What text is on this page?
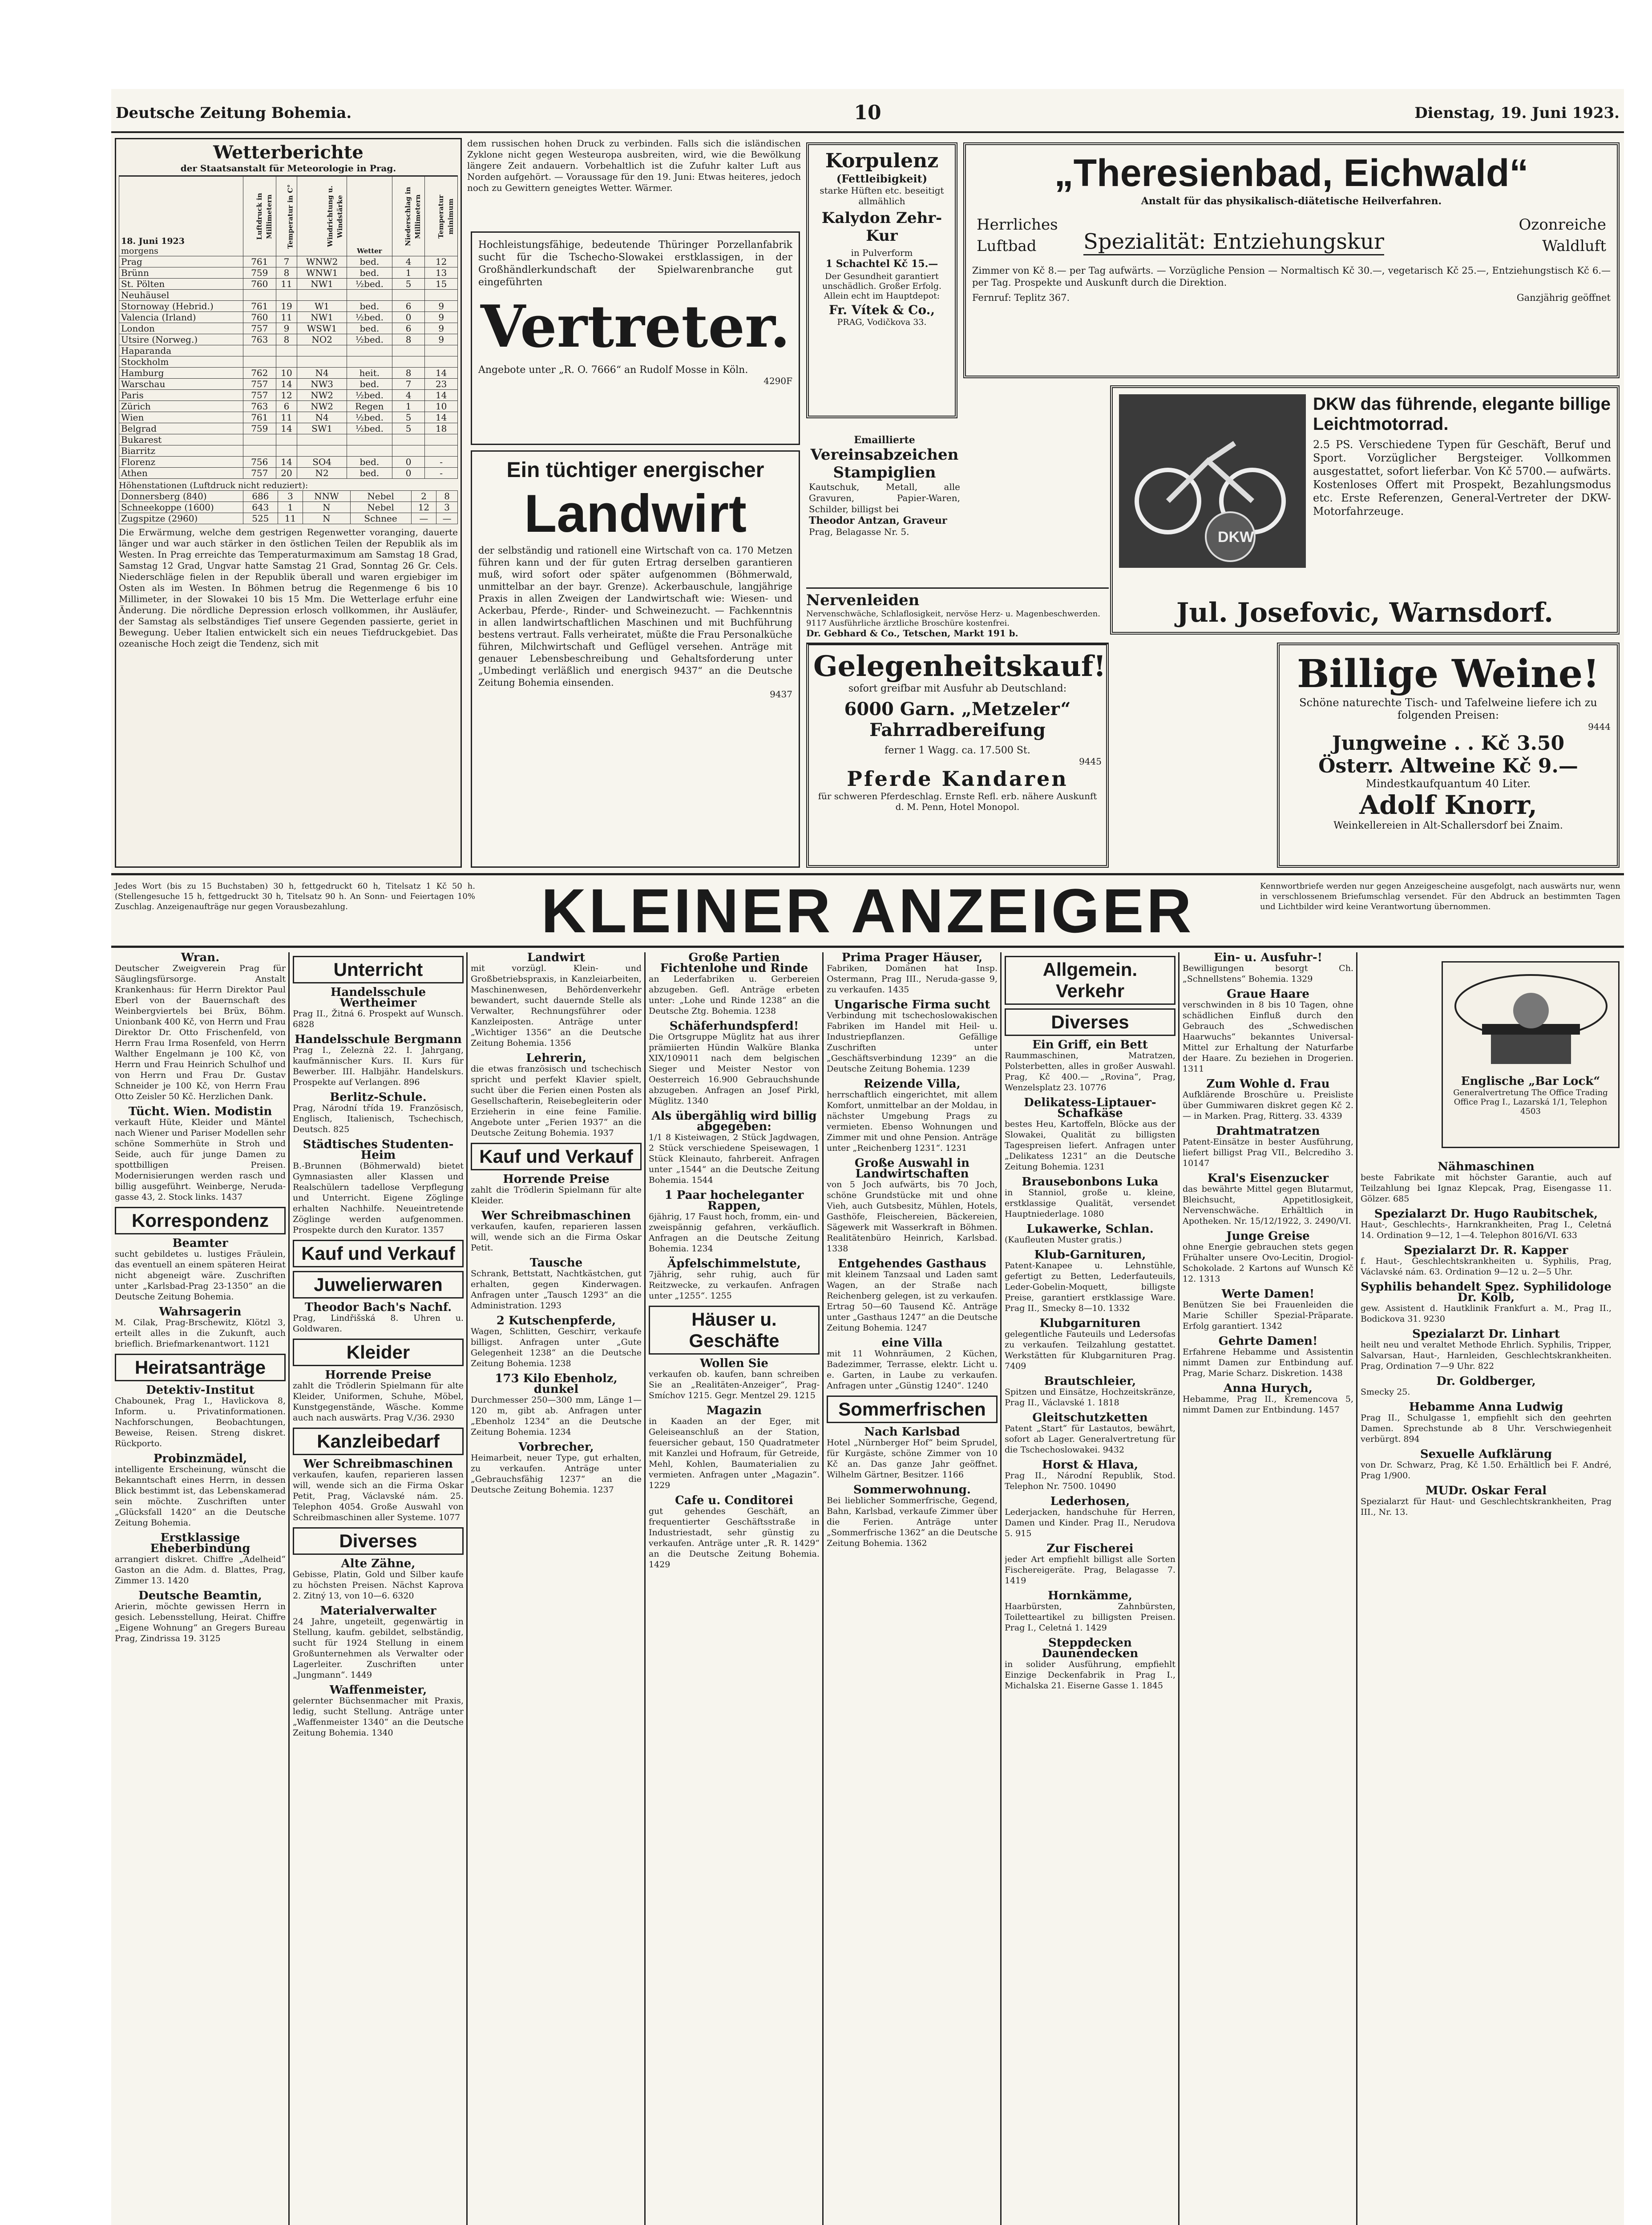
Deutsche Zeitung Bohemia.	10	Dienstag, 19. Juni 1923.
Wetterberichte
der Staatsanstalt für Meteorologie in Prag.
18. Juni 1923
morgens	Luftdruck in Millimetern	Temperatur in C°	Windrichtung u. Windstärke	Wetter	Niederschlag in Millimetern	Temperatur minimum
Prag	761	7	WNW2	bed.	4	12
Brünn	759	8	WNW1	bed.	1	13
St. Pölten	760	11	NW1	½bed.	5	15
Neuhäusel						
Stornoway (Hebrid.)	761	19	W1	bed.	6	9
Valencia (Irland)	760	11	NW1	½bed.	0	9
London	757	9	WSW1	bed.	6	9
Utsire (Norweg.)	763	8	NO2	½bed.	8	9
Haparanda						
Stockholm						
Hamburg	762	10	N4	heit.	8	14
Warschau	757	14	NW3	bed.	7	23
Paris	757	12	NW2	½bed.	4	14
Zürich	763	6	NW2	Regen	1	10
Wien	761	11	N4	½bed.	5	14
Belgrad	759	14	SW1	½bed.	5	18
Bukarest						
Biarritz						
Florenz	756	14	SO4	bed.	0	-
Athen	757	20	N2	bed.	0	-
Höhenstationen (Luftdruck nicht reduziert):
Donnersberg (840)	686	3	NNW	Nebel	2	8
Schneekoppe (1600)	643	1	N	Nebel	12	3
Zugspitze (2960)	525	11	N	Schnee	—	—
Die Erwärmung, welche dem gestrigen Regenwetter voranging, dauerte länger und war auch stärker in den östlichen Teilen der Republik als im Westen. In Prag erreichte das Temperaturmaximum am Samstag 18 Grad, Samstag 12 Grad, Ungvar hatte Samstag 21 Grad, Sonntag 26 Gr. Cels. Niederschläge fielen in der Republik überall und waren ergiebiger im Osten als im Westen. In Böhmen betrug die Regenmenge 6 bis 10 Millimeter, in der Slowakei 10 bis 15 Mm. Die Wetterlage erfuhr eine Änderung. Die nördliche Depression erlosch vollkommen, ihr Ausläufer, der Samstag als selbständiges Tief unsere Gegenden passierte, geriet in Bewegung. Ueber Italien entwickelt sich ein neues Tiefdruckgebiet. Das ozeanische Hoch zeigt die Tendenz, sich mit
dem russischen hohen Druck zu verbinden. Falls sich die isländischen Zyklone nicht gegen Westeuropa ausbreiten, wird, wie die Bewölkung längere Zeit andauern. Vorbehaltlich ist die Zufuhr kalter Luft aus Norden aufgehört. — Voraussage für den 19. Juni: Etwas heiteres, jedoch noch zu Gewittern geneigtes Wetter. Wärmer.
Hochleistungsfähige, bedeutende Thüringer Porzellanfabrik sucht für die Tschecho-Slowakei erstklassigen, in der Großhändlerkundschaft der Spielwarenbranche gut eingeführten
Vertreter.
Angebote unter „R. O. 7666“ an Rudolf Mosse in Köln.
4290F
Ein tüchtiger energischer
Landwirt
der selbständig und rationell eine Wirtschaft von ca. 170 Metzen führen kann und der für guten Ertrag derselben garantieren muß, wird sofort oder später aufgenommen (Böhmerwald, unmittelbar an der bayr. Grenze). Ackerbauschule, langjährige Praxis in allen Zweigen der Landwirtschaft wie: Wiesen- und Ackerbau, Pferde-, Rinder- und Schweinezucht. — Fachkenntnis in allen landwirtschaftlichen Maschinen und mit Buchführung bestens vertraut. Falls verheiratet, müßte die Frau Personalküche führen, Milchwirtschaft und Geflügel versehen. Anträge mit genauer Lebensbeschreibung und Gehaltsforderung unter „Umbedingt verläßlich und energisch 9437“ an die Deutsche Zeitung Bohemia einsenden.
9437
Korpulenz
(Fettleibigkeit)
starke Hüften etc. beseitigt allmählich
Kalydon Zehr-Kur
in Pulverform
1 Schachtel Kč 15.—
Der Gesundheit garantiert unschädlich. Großer Erfolg. Allein echt im Hauptdepot:
Fr. Vítek & Co.,
PRAG, Vodičkova 33.
Emaillierte
Vereinsabzeichen
Stampiglien
Kautschuk, Metall, alle Gravuren, Papier-Waren, Schilder, billigst bei
Theodor Antzan, Graveur
Prag, Belagasse Nr. 5.
„Theresienbad, Eichwald“
Anstalt für das physikalisch-diätetische Heilverfahren.
Herrliches
Luftbad Spezialität: Entziehungskur
Ozonreiche
Waldluft
Zimmer von Kč 8.— per Tag aufwärts. — Vorzügliche Pension — Normaltisch Kč 30.—, vegetarisch Kč 25.—, Entziehungstisch Kč 6.— per Tag. Prospekte und Auskunft durch die Direktion.
Fernruf: Teplitz 367.	Ganzjährig geöffnet
DKW
DKW das führende, elegante billige Leichtmotorrad.
2.5 PS. Verschiedene Typen für Geschäft, Beruf und Sport. Vorzüglicher Bergsteiger. Vollkommen ausgestattet, sofort lieferbar. Von Kč 5700.— aufwärts. Kostenloses Offert mit Prospekt, Bezahlungsmodus etc. Erste Referenzen, General-Vertreter der DKW-Motorfahrzeuge.
Jul. Josefovic, Warnsdorf.
Nervenleiden
Nervenschwäche, Schlaflosigkeit, nervöse Herz- u. Magenbeschwerden. 9117 Ausführliche ärztliche Broschüre kostenfrei.
Dr. Gebhard & Co., Tetschen, Markt 191 b.
Gelegenheitskauf!
sofort greifbar mit Ausfuhr ab Deutschland:
6000 Garn. „Metzeler“ Fahrradbereifung
ferner 1 Wagg. ca. 17.500 St.
9445
Pferde Kandaren
für schweren Pferdeschlag. Ernste Refl. erb. nähere Auskunft d. M. Penn, Hotel Monopol.
Billige Weine!
Schöne naturechte Tisch- und Tafelweine liefere ich zu folgenden Preisen:
9444
Jungweine . . Kč 3.50
Österr. Altweine Kč 9.—
Mindestkaufquantum 40 Liter.
Adolf Knorr,
Weinkellereien in Alt-Schallersdorf bei Znaim.
Jedes Wort (bis zu 15 Buchstaben) 30 h, fettgedruckt 60 h, Titelsatz 1 Kč 50 h. (Stellengesuche 15 h, fettgedruckt 30 h, Titelsatz 90 h. An Sonn- und Feiertagen 10% Zuschlag. Anzeigenaufträge nur gegen Vorausbezahlung.	KLEINER ANZEIGER	Kennwortbriefe werden nur gegen Anzeigescheine ausgefolgt, nach auswärts nur, wenn in verschlossenem Briefumschlag versendet. Für den Abdruck an bestimmten Tagen und Lichtbilder wird keine Verantwortung übernommen.
Wran.
Deutscher Zweigverein Prag für Säuglingsfürsorge. Anstalt Krankenhaus: für Herrn Direktor Paul Eberl von der Bauernschaft des Weinbergviertels bei Brüx, Böhm. Unionbank 400 Kč, von Herrn und Frau Direktor Dr. Otto Frischenfeld, von Herrn Frau Irma Rosenfeld, von Herrn Walther Engelmann je 100 Kč, von Herrn und Frau Heinrich Schulhof und von Herrn und Frau Dr. Gustav Schneider je 100 Kč, von Herrn Frau Otto Zeisler 50 Kč. Herzlichen Dank.
Tücht. Wien. Modistin
verkauft Hüte, Kleider und Mäntel nach Wiener und Pariser Modellen sehr schöne Sommerhüte in Stroh und Seide, auch für junge Damen zu spottbilligen Preisen. Modernisierungen werden rasch und billig ausgeführt. Weinberge, Neruda-gasse 43, 2. Stock links. 1437
Korrespondenz
Beamter
sucht gebildetes u. lustiges Fräulein, das eventuell an einem späteren Heirat nicht abgeneigt wäre. Zuschriften unter „Karlsbad-Prag 23-1350“ an die Deutsche Zeitung Bohemia.
Wahrsagerin
M. Cilak, Prag-Brschewitz, Klötzl 3, erteilt alles in die Zukunft, auch brieflich. Briefmarkenantwort. 1121
Heiratsanträge
Detektiv-Institut
Chabounek, Prag I., Havlickova 8, Inform. u. Privatinformationen. Nachforschungen, Beobachtungen, Beweise, Reisen. Streng diskret. Rückporto.
Probinzmädel,
intelligente Erscheinung, wünscht die Bekanntschaft eines Herrn, in dessen Blick bestimmt ist, das Lebenskamerad sein möchte. Zuschriften unter „Glücksfall 1420“ an die Deutsche Zeitung Bohemia.
Erstklassige Eheberbindung
arrangiert diskret. Chiffre „Adelheid“ Gaston an die Adm. d. Blattes, Prag, Zimmer 13. 1420
Deutsche Beamtin,
Arierin, möchte gewissen Herrn in gesich. Lebensstellung, Heirat. Chiffre „Eigene Wohnung“ an Gregers Bureau Prag, Zindrissa 19. 3125
Unterricht
Handelsschule Wertheimer
Prag II., Žitná 6. Prospekt auf Wunsch. 6828
Handelsschule Bergmann
Prag I., Zeleznà 22. I. Jahrgang, kaufmännischer Kurs. II. Kurs für Bewerber. III. Halbjähr. Handelskurs. Prospekte auf Verlangen. 896
Berlitz-Schule.
Prag, Národní třída 19. Französisch, Englisch, Italienisch, Tschechisch, Deutsch. 825
Städtisches Studenten-Heim
B.-Brunnen (Böhmerwald) bietet Gymnasiasten aller Klassen und Realschülern tadellose Verpflegung und Unterricht. Eigene Zöglinge erhalten Nachhilfe. Neueintretende Zöglinge werden aufgenommen. Prospekte durch den Kurator. 1357
Kauf und Verkauf
Juwelierwaren
Theodor Bach's Nachf.
Prag, Lindřišská 8. Uhren u. Goldwaren.
Kleider
Horrende Preise
zahlt die Trödlerin Spielmann für alte Kleider, Uniformen, Schuhe, Möbel, Kunstgegenstände, Wäsche. Komme auch nach auswärts. Prag V./36. 2930
Kanzleibedarf
Wer Schreibmaschinen
verkaufen, kaufen, reparieren lassen will, wende sich an die Firma Oskar Petit, Prag, Václavské nám. 25. Telephon 4054. Große Auswahl von Schreibmaschinen aller Systeme. 1077
Diverses
Alte Zähne,
Gebisse, Platin, Gold und Silber kaufe zu höchsten Preisen. Nächst Kaprova 2. Zitný 13, von 10—6. 6320
Materialverwalter
24 Jahre, ungeteilt, gegenwärtig in Stellung, kaufm. gebildet, selbständig, sucht für 1924 Stellung in einem Großunternehmen als Verwalter oder Lagerleiter. Zuschriften unter „Jungmann“. 1449
Waffenmeister,
gelernter Büchsenmacher mit Praxis, ledig, sucht Stellung. Anträge unter „Waffenmeister 1340“ an die Deutsche Zeitung Bohemia. 1340
Landwirt
mit vorzügl. Klein- und Großbetriebspraxis, in Kanzleiarbeiten, Maschinenwesen, Behördenverkehr bewandert, sucht dauernde Stelle als Verwalter, Rechnungsführer oder Kanzleiposten. Anträge unter „Wichtiger 1356“ an die Deutsche Zeitung Bohemia. 1356
Lehrerin,
die etwas französisch und tschechisch spricht und perfekt Klavier spielt, sucht über die Ferien einen Posten als Gesellschafterin, Reisebegleiterin oder Erzieherin in eine feine Familie. Angebote unter „Ferien 1937“ an die Deutsche Zeitung Bohemia. 1937
Kauf und Verkauf
Horrende Preise
zahlt die Trödlerin Spielmann für alte Kleider.
Wer Schreibmaschinen
verkaufen, kaufen, reparieren lassen will, wende sich an die Firma Oskar Petit.
Tausche
Schrank, Bettstatt, Nachtkästchen, gut erhalten, gegen Kinderwagen. Anfragen unter „Tausch 1293“ an die Administration. 1293
2 Kutschenpferde,
Wagen, Schlitten, Geschirr, verkaufe billigst. Anfragen unter „Gute Gelegenheit 1238“ an die Deutsche Zeitung Bohemia. 1238
173 Kilo Ebenholz, dunkel
Durchmesser 250—300 mm, Länge 1—120 m, gibt ab. Anfragen unter „Ebenholz 1234“ an die Deutsche Zeitung Bohemia. 1234
Vorbrecher,
Heimarbeit, neuer Type, gut erhalten, zu verkaufen. Anträge unter „Gebrauchsfähig 1237“ an die Deutsche Zeitung Bohemia. 1237
Große Partien Fichtenlohe und Rinde
an Lederfabriken u. Gerbereien abzugeben. Gefl. Anträge erbeten unter: „Lohe und Rinde 1238“ an die Deutsche Ztg. Bohemia. 1238
Schäferhundspferd!
Die Ortsgruppe Müglitz hat aus ihrer prämiierten Hündin Walküre Blanka XIX/109011 nach dem belgischen Sieger und Meister Nestor von Oesterreich 16.900 Gebrauchshunde abzugeben. Anfragen an Josef Pirkl, Müglitz. 1340
Als übergählig wird billig abgegeben:
1/1 8 Kisteiwagen, 2 Stück Jagdwagen, 2 Stück verschiedene Speisewagen, 1 Stück Kleinauto, fahrbereit. Anfragen unter „1544“ an die Deutsche Zeitung Bohemia. 1544
1 Paar hocheleganter Rappen,
6jährig, 17 Faust hoch, fromm, ein- und zweispännig gefahren, verkäuflich. Anfragen an die Deutsche Zeitung Bohemia. 1234
Äpfelschimmelstute,
7jährig, sehr ruhig, auch für Reitzwecke, zu verkaufen. Anfragen unter „1255“. 1255
Häuser u. Geschäfte
Wollen Sie
verkaufen ob. kaufen, bann schreiben Sie an „Realitäten-Anzeiger“, Prag-Smíchov 1215. Gegr. Mentzel 29. 1215
Magazin
in Kaaden an der Eger, mit Geleiseanschluß an der Station, feuersicher gebaut, 150 Quadratmeter mit Kanzlei und Hofraum, für Getreide, Mehl, Kohlen, Baumaterialien zu vermieten. Anfragen unter „Magazin“. 1229
Cafe u. Conditorei
gut gehendes Geschäft, an frequentierter Geschäftsstraße in Industriestadt, sehr günstig zu verkaufen. Anträge unter „R. R. 1429“ an die Deutsche Zeitung Bohemia. 1429
Prima Prager Häuser,
Fabriken, Domänen hat Insp. Ostermann, Prag III., Neruda-gasse 9, zu verkaufen. 1435
Ungarische Firma sucht
Verbindung mit tschechoslowakischen Fabriken im Handel mit Heil- u. Industriepflanzen. Gefällige Zuschriften unter „Geschäftsverbindung 1239“ an die Deutsche Zeitung Bohemia. 1239
Reizende Villa,
herrschaftlich eingerichtet, mit allem Komfort, unmittelbar an der Moldau, in nächster Umgebung Prags zu vermieten. Ebenso Wohnungen und Zimmer mit und ohne Pension. Anträge unter „Reichenberg 1231“. 1231
Große Auswahl in Landwirtschaften
von 5 Joch aufwärts, bis 70 Joch, schöne Grundstücke mit und ohne Vieh, auch Gutsbesitz, Mühlen, Hotels, Gasthöfe, Fleischereien, Bäckereien, Sägewerk mit Wasserkraft in Böhmen. Realitätenbüro Heinrich, Karlsbad. 1338
Entgehendes Gasthaus
mit kleinem Tanzsaal und Laden samt Wagen, an der Straße nach Reichenberg gelegen, ist zu verkaufen. Ertrag 50—60 Tausend Kč. Anträge unter „Gasthaus 1247“ an die Deutsche Zeitung Bohemia. 1247
eine Villa
mit 11 Wohnräumen, 2 Küchen, Badezimmer, Terrasse, elektr. Licht u. e. Garten, in Laube zu verkaufen. Anfragen unter „Günstig 1240“. 1240
Sommerfrischen
Nach Karlsbad
Hotel „Nürnberger Hof“ beim Sprudel, für Kurgäste, schöne Zimmer von 10 Kč an. Das ganze Jahr geöffnet. Wilhelm Gärtner, Besitzer. 1166
Sommerwohnung.
Bei lieblicher Sommerfrische, Gegend, Bahn, Karlsbad, verkaufe Zimmer über die Ferien. Anträge unter „Sommerfrische 1362“ an die Deutsche Zeitung Bohemia. 1362
Allgemein. Verkehr
Diverses
Ein Griff, ein Bett
Raummaschinen, Matratzen, Polsterbetten, alles in großer Auswahl. Prag, Kč 400.— „Rovina“, Prag, Wenzelsplatz 23. 10776
Delikatess-Liptauer-Schafkäse
bestes Heu, Kartoffeln, Blöcke aus der Slowakei, Qualität zu billigsten Tagespreisen liefert. Anfragen unter „Delikatess 1231“ an die Deutsche Zeitung Bohemia. 1231
Brausebonbons Luka
in Stanniol, große u. kleine, erstklassige Qualität, versendet Hauptniederlage. 1080
Lukawerke, Schlan.
(Kaufleuten Muster gratis.)
Klub-Garnituren,
Patent-Kanapee u. Lehnstühle, gefertigt zu Betten, Lederfauteuils, Leder-Gobelin-Moquett, billigste Preise, garantiert erstklassige Ware. Prag II., Smecky 8—10. 1332
Klubgarnituren
gelegentliche Fauteuils und Ledersofas zu verkaufen. Teilzahlung gestattet. Werkstätten für Klubgarnituren Prag. 7409
Brautschleier,
Spitzen und Einsätze, Hochzeitskränze, Prag II., Václavské 1. 1818
Gleitschutzketten
Patent „Start“ für Lastautos, bewährt, sofort ab Lager. Generalvertretung für die Tschechoslowakei. 9432
Horst & Hlava,
Prag II., Národní Republik, Stod. Telephon Nr. 7500. 10490
Lederhosen,
Lederjacken, handschuhe für Herren, Damen und Kinder. Prag II., Nerudova 5. 915
Zur Fischerei
jeder Art empfiehlt billigst alle Sorten Fischereigeräte. Prag, Belagasse 7. 1419
Hornkämme,
Haarbürsten, Zahnbürsten, Toiletteartikel zu billigsten Preisen. Prag I., Celetná 1. 1429
Steppdecken Daunendecken
in solider Ausführung, empfiehlt Einzige Deckenfabrik in Prag I., Michalska 21. Eiserne Gasse 1. 1845
Ein- u. Ausfuhr-!
Bewilligungen besorgt Ch. „Schnellstens“ Bohemia. 1329
Graue Haare
verschwinden in 8 bis 10 Tagen, ohne schädlichen Einfluß durch den Gebrauch des „Schwedischen Haarwuchs“ bekanntes Universal-Mittel zur Erhaltung der Naturfarbe der Haare. Zu beziehen in Drogerien. 1311
Zum Wohle d. Frau
Aufklärende Broschüre u. Preisliste über Gummiwaren diskret gegen Kč 2.— in Marken. Prag, Ritterg. 33. 4339
Drahtmatratzen
Patent-Einsätze in bester Ausführung, liefert billigst Prag VII., Belcrediho 3. 10147
Kral's Eisenzucker
das bewährte Mittel gegen Blutarmut, Bleichsucht, Appetitlosigkeit, Nervenschwäche. Erhältlich in Apotheken. Nr. 15/12/1922, 3. 2490/VI.
Junge Greise
ohne Energie gebrauchen stets gegen Frühalter unsere Ovo-Lecitin, Drogiol-Schokolade. 2 Kartons auf Wunsch Kč 12. 1313
Werte Damen!
Benützen Sie bei Frauenleiden die Marie Schiller Spezial-Präparate. Erfolg garantiert. 1342
Gehrte Damen!
Erfahrene Hebamme und Assistentin nimmt Damen zur Entbindung auf. Prag, Marie Scharz. Diskretion. 1438
Anna Hurych,
Hebamme, Prag II., Kremencova 5, nimmt Damen zur Entbindung. 1457
Nähmaschinen
beste Fabrikate mit höchster Garantie, auch auf Teilzahlung bei Ignaz Klepcak, Prag, Eisengasse 11. Gölzer. 685
Spezialarzt Dr. Hugo Raubitschek,
Haut-, Geschlechts-, Harnkrankheiten, Prag I., Celetná 14. Ordination 9—12, 1—4. Telephon 8016/VI. 633
Spezialarzt Dr. R. Kapper
f. Haut-, Geschlechtskrankheiten u. Syphilis, Prag, Václavské nám. 63. Ordination 9—12 u. 2—5 Uhr.
Syphilis behandelt Spez. Syphilidologe Dr. Kolb,
gew. Assistent d. Hautklinik Frankfurt a. M., Prag II., Bodickova 31. 9230
Spezialarzt Dr. Linhart
heilt neu und veraltet Methode Ehrlich. Syphilis, Tripper, Salvarsan, Haut-, Harnleiden, Geschlechtskrankheiten. Prag, Ordination 7—9 Uhr. 822
Dr. Goldberger,
Smecky 25.
Hebamme Anna Ludwig
Prag II., Schulgasse 1, empfiehlt sich den geehrten Damen. Sprechstunde ab 8 Uhr. Verschwiegenheit verbürgt. 894
Sexuelle Aufklärung
von Dr. Schwarz, Prag, Kč 1.50. Erhältlich bei F. André, Prag 1/900.
MUDr. Oskar Feral
Spezialarzt für Haut- und Geschlechtskrankheiten, Prag III., Nr. 13.
Englische „Bar Lock“
Generalvertretung The Office Trading Office Prag I., Lazarská 1/1, Telephon 4503
